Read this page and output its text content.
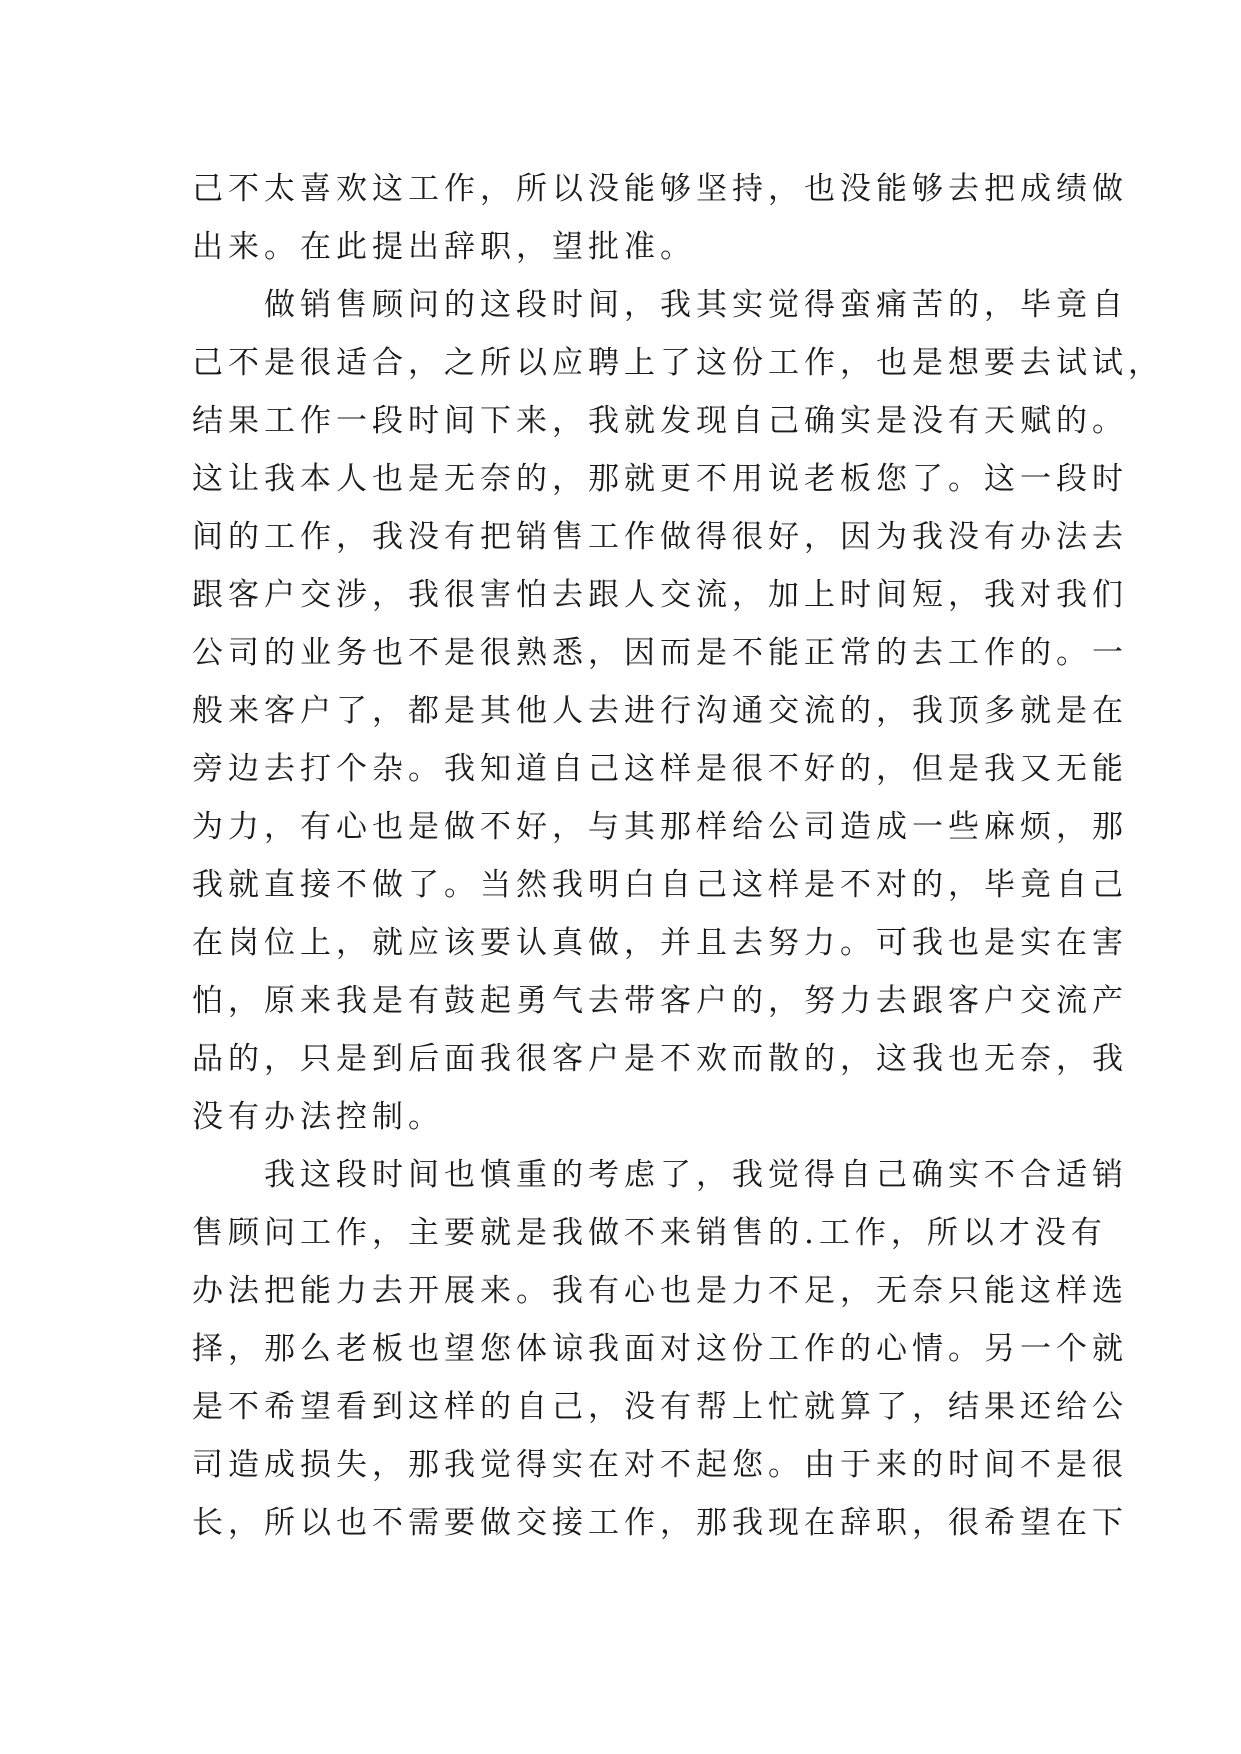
己不太喜欢这工作，所以没能够坚持，也没能够去把成绩做
出来。在此提出辞职，望批准。
做销售顾问的这段时间，我其实觉得蛮痛苦的，毕竟自
己不是很适合，之所以应聘上了这份工作，也是想要去试试，
结果工作一段时间下来，我就发现自己确实是没有天赋的。
这让我本人也是无奈的，那就更不用说老板您了。这一段时
间的工作，我没有把销售工作做得很好，因为我没有办法去
跟客户交涉，我很害怕去跟人交流，加上时间短，我对我们
公司的业务也不是很熟悉，因而是不能正常的去工作的。一
般来客户了，都是其他人去进行沟通交流的，我顶多就是在
旁边去打个杂。我知道自己这样是很不好的，但是我又无能
为力，有心也是做不好，与其那样给公司造成一些麻烦，那
我就直接不做了。当然我明白自己这样是不对的，毕竟自己
在岗位上，就应该要认真做，并且去努力。可我也是实在害
怕，原来我是有鼓起勇气去带客户的，努力去跟客户交流产
品的，只是到后面我很客户是不欢而散的，这我也无奈，我
没有办法控制。
我这段时间也慎重的考虑了，我觉得自己确实不合适销
售顾问工作，主要就是我做不来销售的.工作，所以才没有
办法把能力去开展来。我有心也是力不足，无奈只能这样选
择，那么老板也望您体谅我面对这份工作的心情。另一个就
是不希望看到这样的自己，没有帮上忙就算了，结果还给公
司造成损失，那我觉得实在对不起您。由于来的时间不是很
长，所以也不需要做交接工作，那我现在辞职，很希望在下
